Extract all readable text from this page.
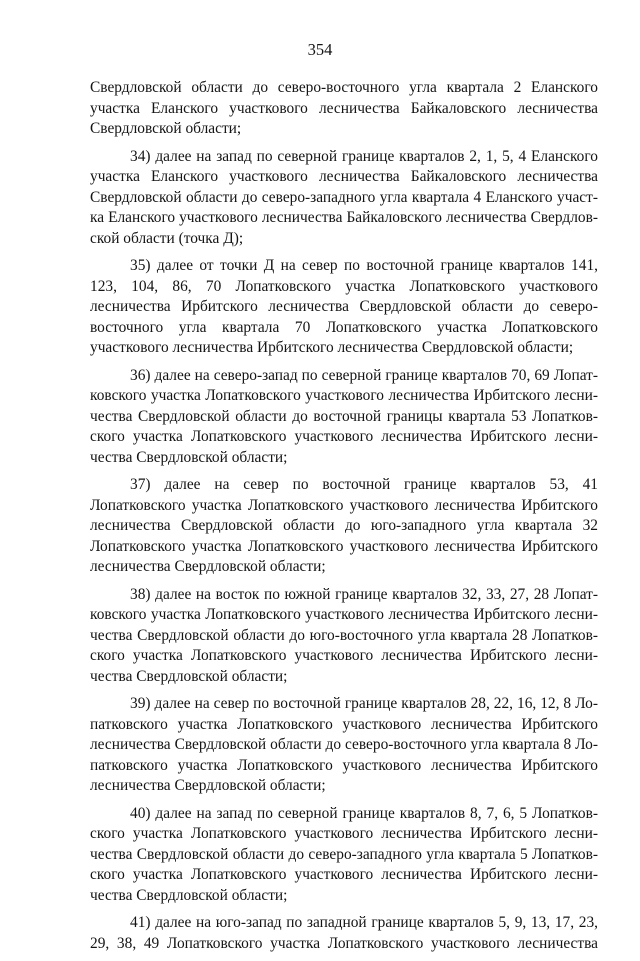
354

Свердловской области до северо-восточного угла квартала 2 Еланского участка Еланского участкового лесничества Байкаловского лесничества Свердловской области;

34) далее на запад по северной границе кварталов 2, 1, 5, 4 Еланского участка Еланского участкового лесничества Байкаловского лесничества Свердловской области до северо-западного угла квартала 4 Еланского участка Еланского участкового лесничества Байкаловского лесничества Свердловской области (точка Д);

35) далее от точки Д на север по восточной границе кварталов 141, 123, 104, 86, 70 Лопатковского участка Лопатковского участкового лесничества Ирбитского лесничества Свердловской области до северо-восточного угла квартала 70 Лопатковского участка Лопатковского участкового лесничества Ирбитского лесничества Свердловской области;

36) далее на северо-запад по северной границе кварталов 70, 69 Лопатковского участка Лопатковского участкового лесничества Ирбитского лесничества Свердловской области до восточной границы квартала 53 Лопатковского участка Лопатковского участкового лесничества Ирбитского лесничества Свердловской области;

37) далее на север по восточной границе кварталов 53, 41 Лопатковского участка Лопатковского участкового лесничества Ирбитского лесничества Свердловской области до юго-западного угла квартала 32 Лопатковского участка Лопатковского участкового лесничества Ирбитского лесничества Свердловской области;

38) далее на восток по южной границе кварталов 32, 33, 27, 28 Лопатковского участка Лопатковского участкового лесничества Ирбитского лесничества Свердловской области до юго-восточного угла квартала 28 Лопатковского участка Лопатковского участкового лесничества Ирбитского лесничества Свердловской области;

39) далее на север по восточной границе кварталов 28, 22, 16, 12, 8 Лопатковского участка Лопатковского участкового лесничества Ирбитского лесничества Свердловской области до северо-восточного угла квартала 8 Лопатковского участка Лопатковского участкового лесничества Ирбитского лесничества Свердловской области;

40) далее на запад по северной границе кварталов 8, 7, 6, 5 Лопатковского участка Лопатковского участкового лесничества Ирбитского лесничества Свердловской области до северо-западного угла квартала 5 Лопатковского участка Лопатковского участкового лесничества Ирбитского лесничества Свердловской области;

41) далее на юго-запад по западной границе кварталов 5, 9, 13, 17, 23, 29, 38, 49 Лопатковского участка Лопатковского участкового лесничества
